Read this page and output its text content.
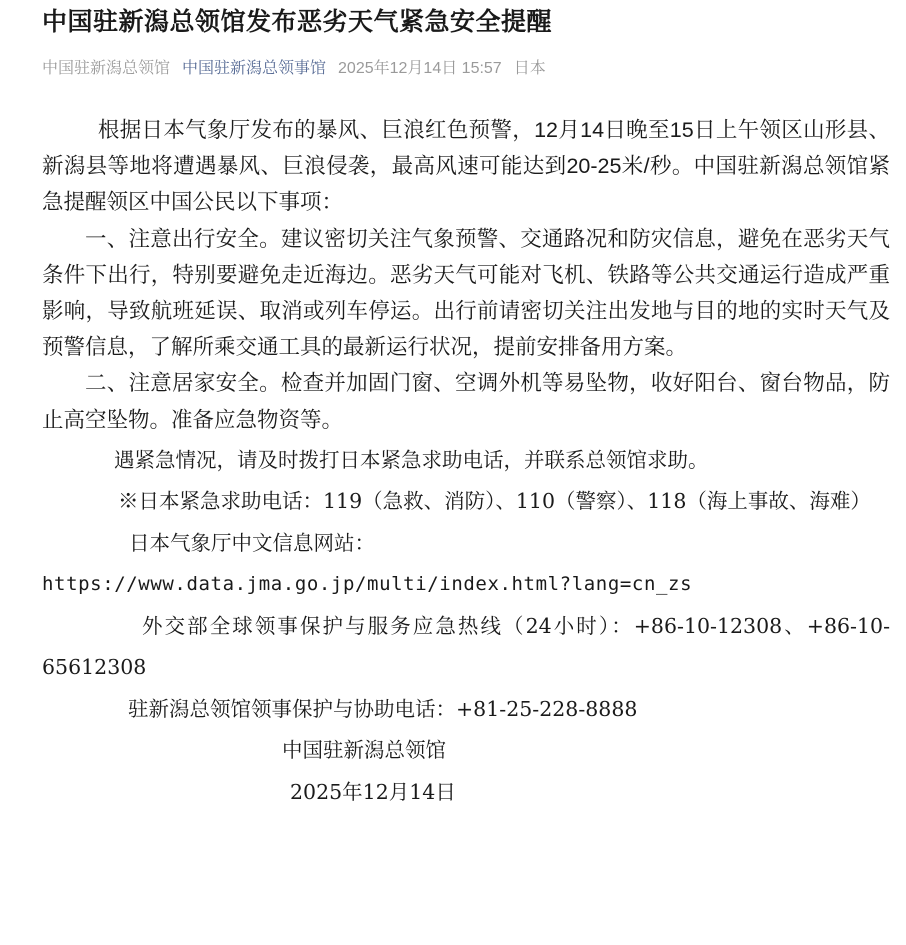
中国驻新潟总领馆发布恶劣天气紧急安全提醒
中国驻新潟总领馆 中国驻新潟总领事馆 2025年12月14日 15:57 日本

根据日本气象厅发布的暴风、巨浪红色预警，12月14日晚至15日上午领区山形县、新潟县等地将遭遇暴风、巨浪侵袭，最高风速可能达到20-25米/秒。中国驻新潟总领馆紧急提醒领区中国公民以下事项：

一、注意出行安全。建议密切关注气象预警、交通路况和防灾信息，避免在恶劣天气条件下出行，特别要避免走近海边。恶劣天气可能对飞机、铁路等公共交通运行造成严重影响，导致航班延误、取消或列车停运。出行前请密切关注出发地与目的地的实时天气及预警信息，了解所乘交通工具的最新运行状况，提前安排备用方案。

二、注意居家安全。检查并加固门窗、空调外机等易坠物，收好阳台、窗台物品，防止高空坠物。准备应急物资等。

遇紧急情况，请及时拨打日本紧急求助电话，并联系总领馆求助。

※日本紧急求助电话：119（急救、消防）、110（警察）、118（海上事故、海难）

日本气象厅中文信息网站：

https://www.data.jma.go.jp/multi/index.html?lang=cn_zs

外交部全球领事保护与服务应急热线（24小时）：+86-10-12308、+86-10-65612308

驻新潟总领馆领事保护与协助电话：+81-25-228-8888

中国驻新潟总领馆

2025年12月14日
